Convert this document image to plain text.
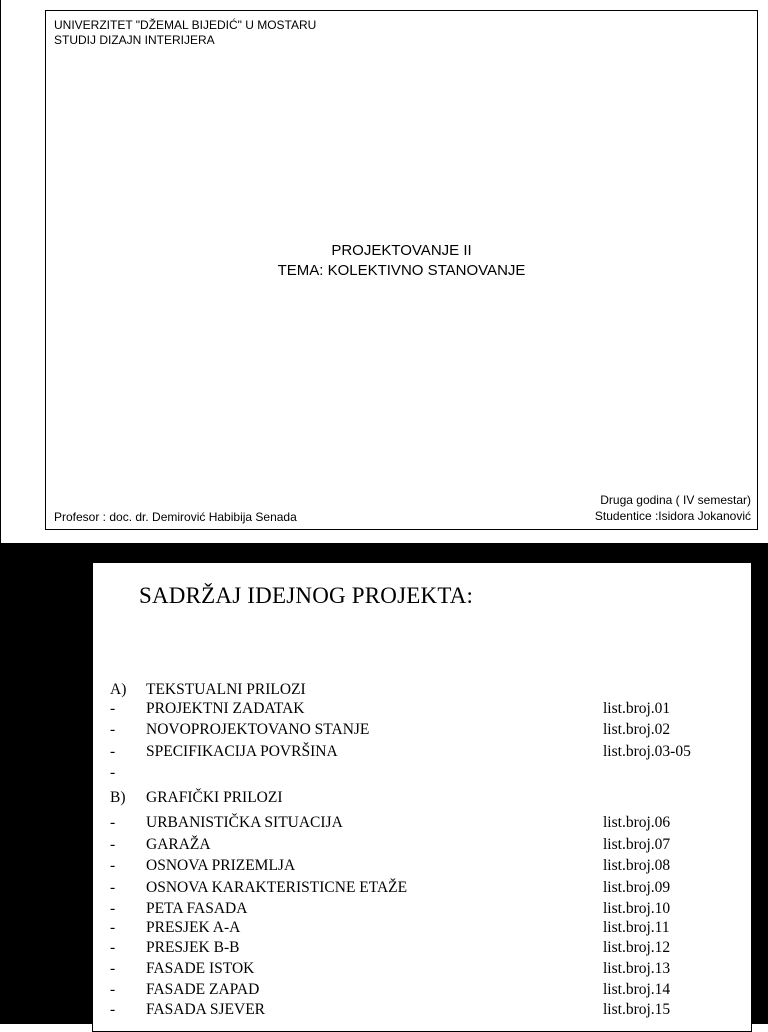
UNIVERZITET "DŽEMAL BIJEDIĆ" U MOSTARU
STUDIJ DIZAJN INTERIJERA
PROJEKTOVANJE II
TEMA: KOLEKTIVNO STANOVANJE
Profesor : doc. dr. Demirović Habibija Senada
Druga godina ( IV semestar)
Studentice :Isidora Jokanović
SADRŽAJ IDEJNOG PROJEKTA:
A) TEKSTUALNI PRILOZI
- PROJEKTNI ZADATAK	list.broj.01
- NOVOPROJEKTOVANO STANJE	list.broj.02
- SPECIFIKACIJA POVRŠINA	list.broj.03-05
-
B) GRAFIČKI PRILOZI
- URBANISTIČKA SITUACIJA	list.broj.06
- GARAŽA	list.broj.07
- OSNOVA PRIZEMLJA	list.broj.08
- OSNOVA KARAKTERISTICNE ETAŽE	list.broj.09
- PETA FASADA	list.broj.10
- PRESJEK A-A	list.broj.11
- PRESJEK B-B	list.broj.12
- FASADE ISTOK	list.broj.13
- FASADE ZAPAD	list.broj.14
- FASADA SJEVER	list.broj.15
